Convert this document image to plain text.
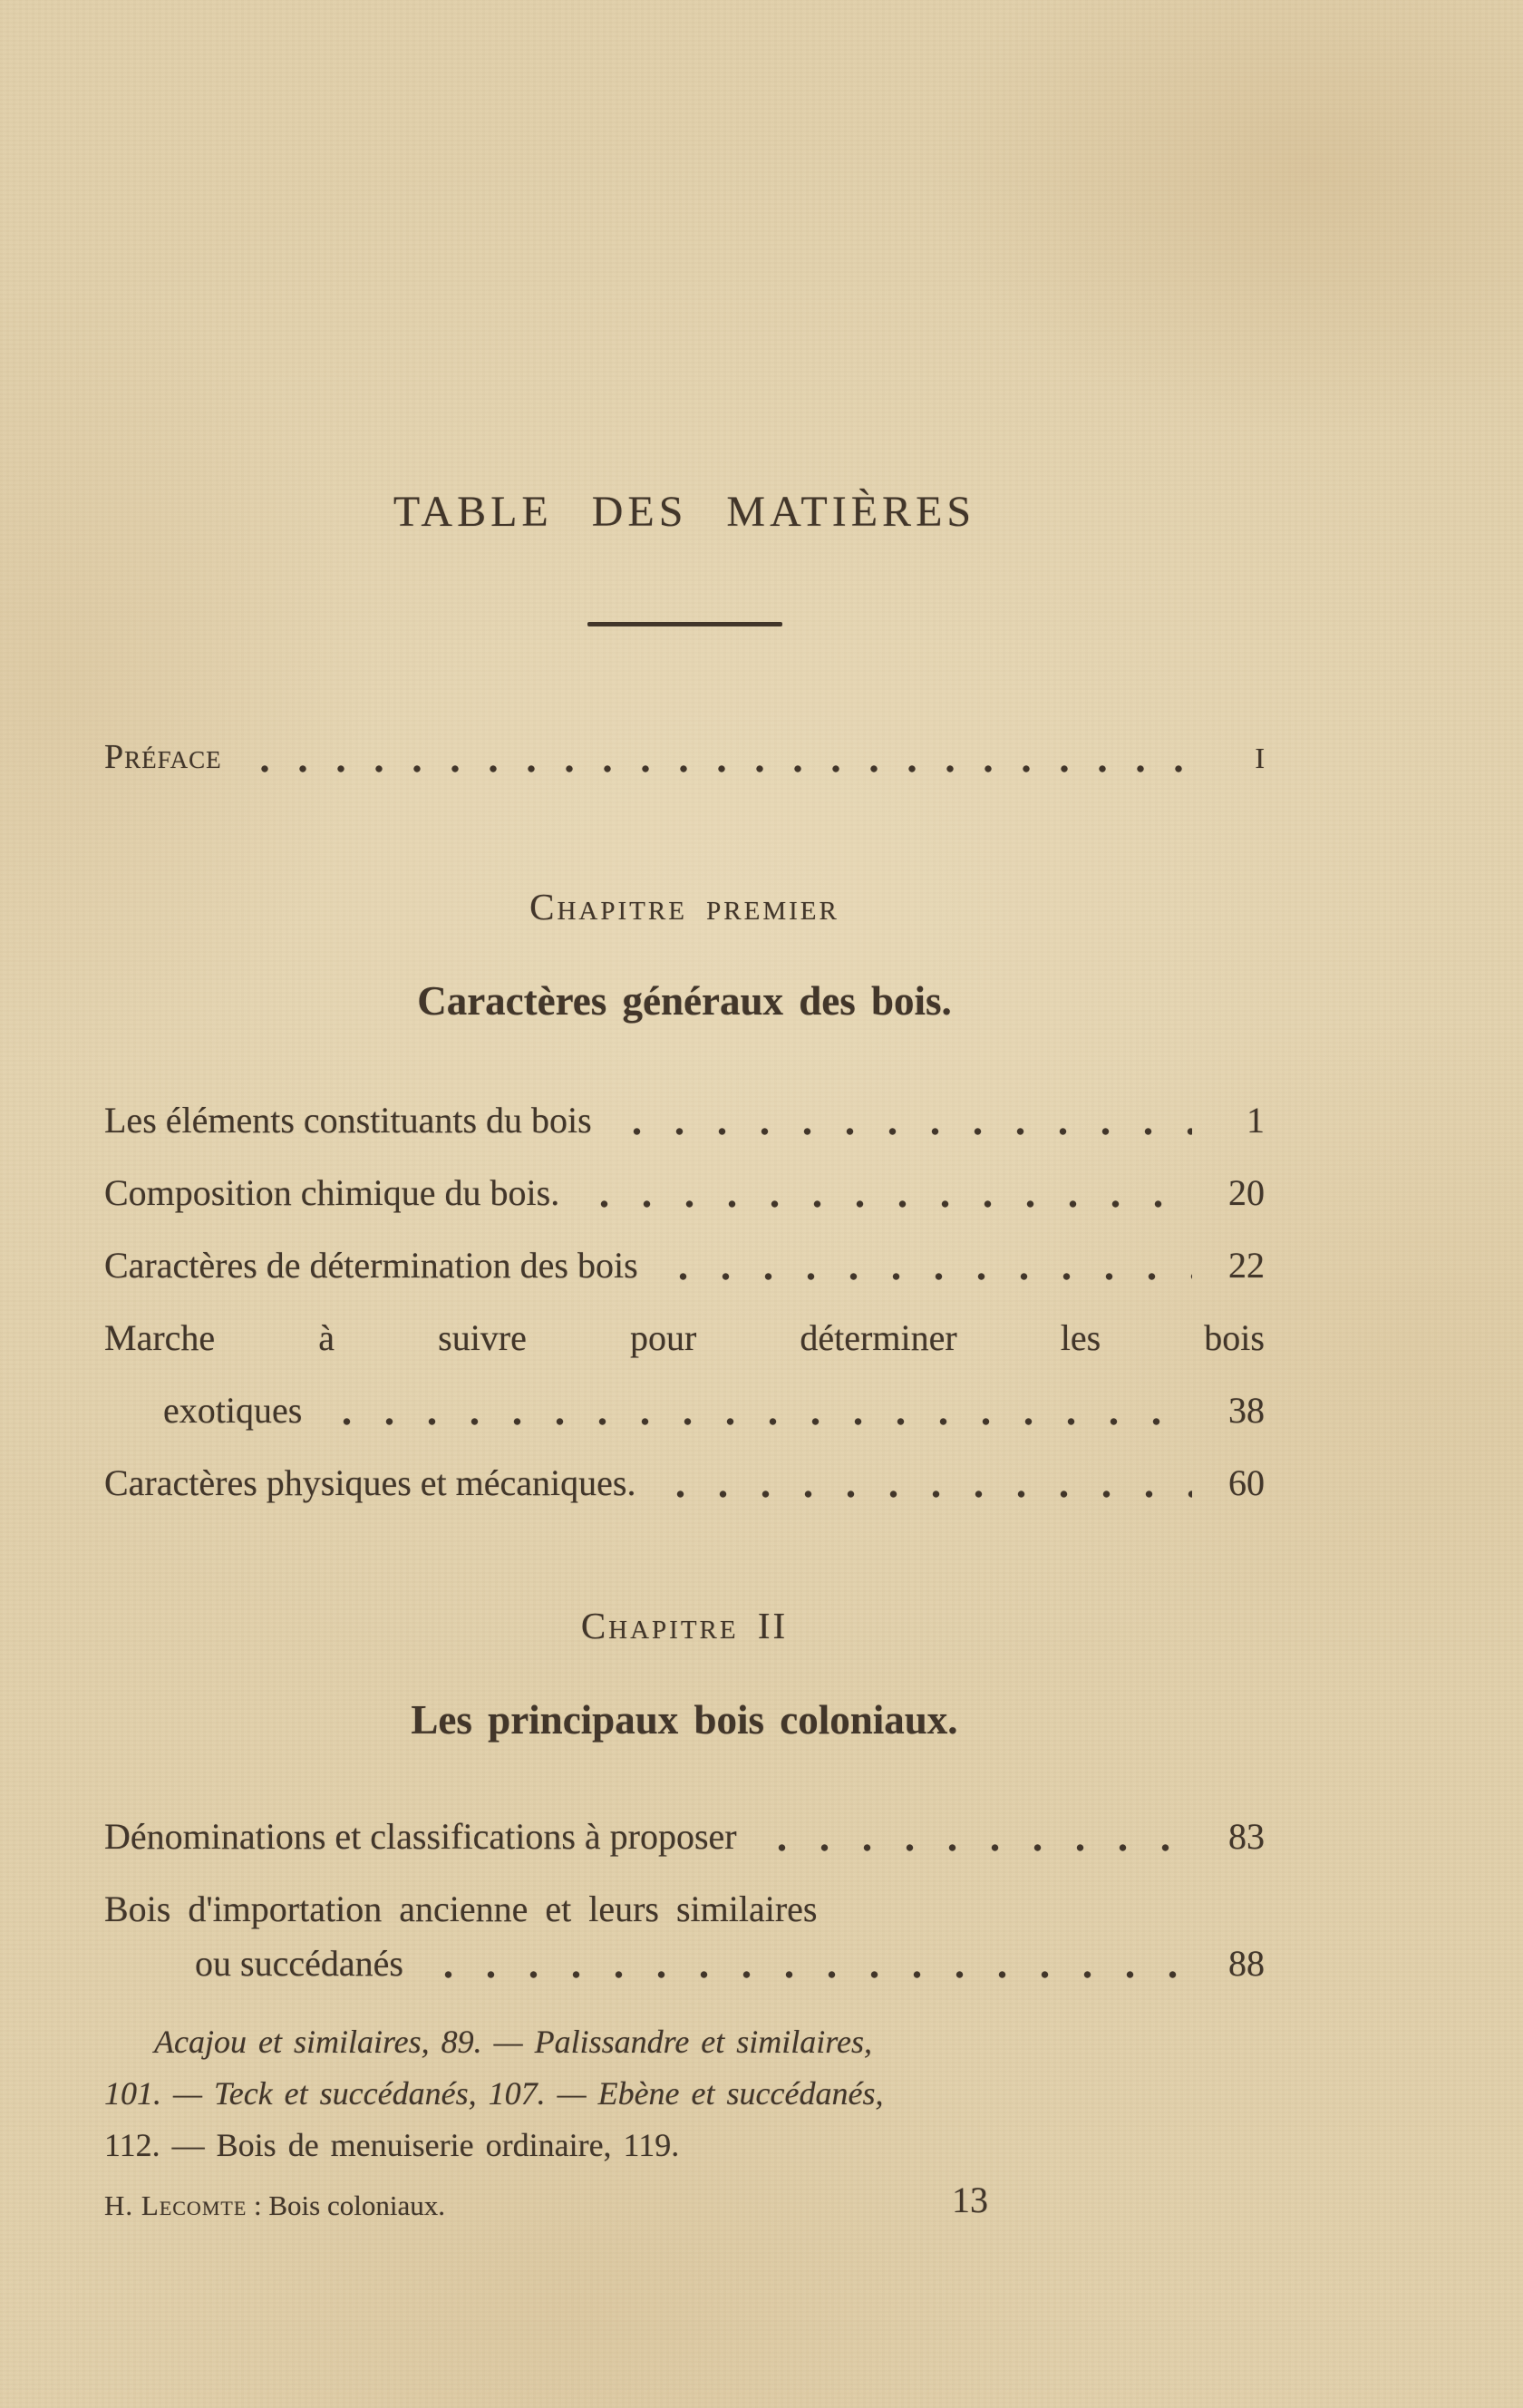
TABLE DES MATIÈRES
Préface	I
Chapitre premier
Caractères généraux des bois.
Les éléments constituants du bois	1
Composition chimique du bois.	20
Caractères de détermination des bois	22
Marche à suivre pour déterminer les bois
exotiques	38
Caractères physiques et mécaniques.	60
Chapitre II
Les principaux bois coloniaux.
Dénominations et classifications à proposer	83
Bois d'importation ancienne et leurs similaires
ou succédanés	88
Acajou et similaires, 89. — Palissandre et similaires,
101. — Teck et succédanés, 107. — Ebène et succédanés,
112. — Bois de menuiserie ordinaire, 119.
H. Lecomte : Bois coloniaux.	13
